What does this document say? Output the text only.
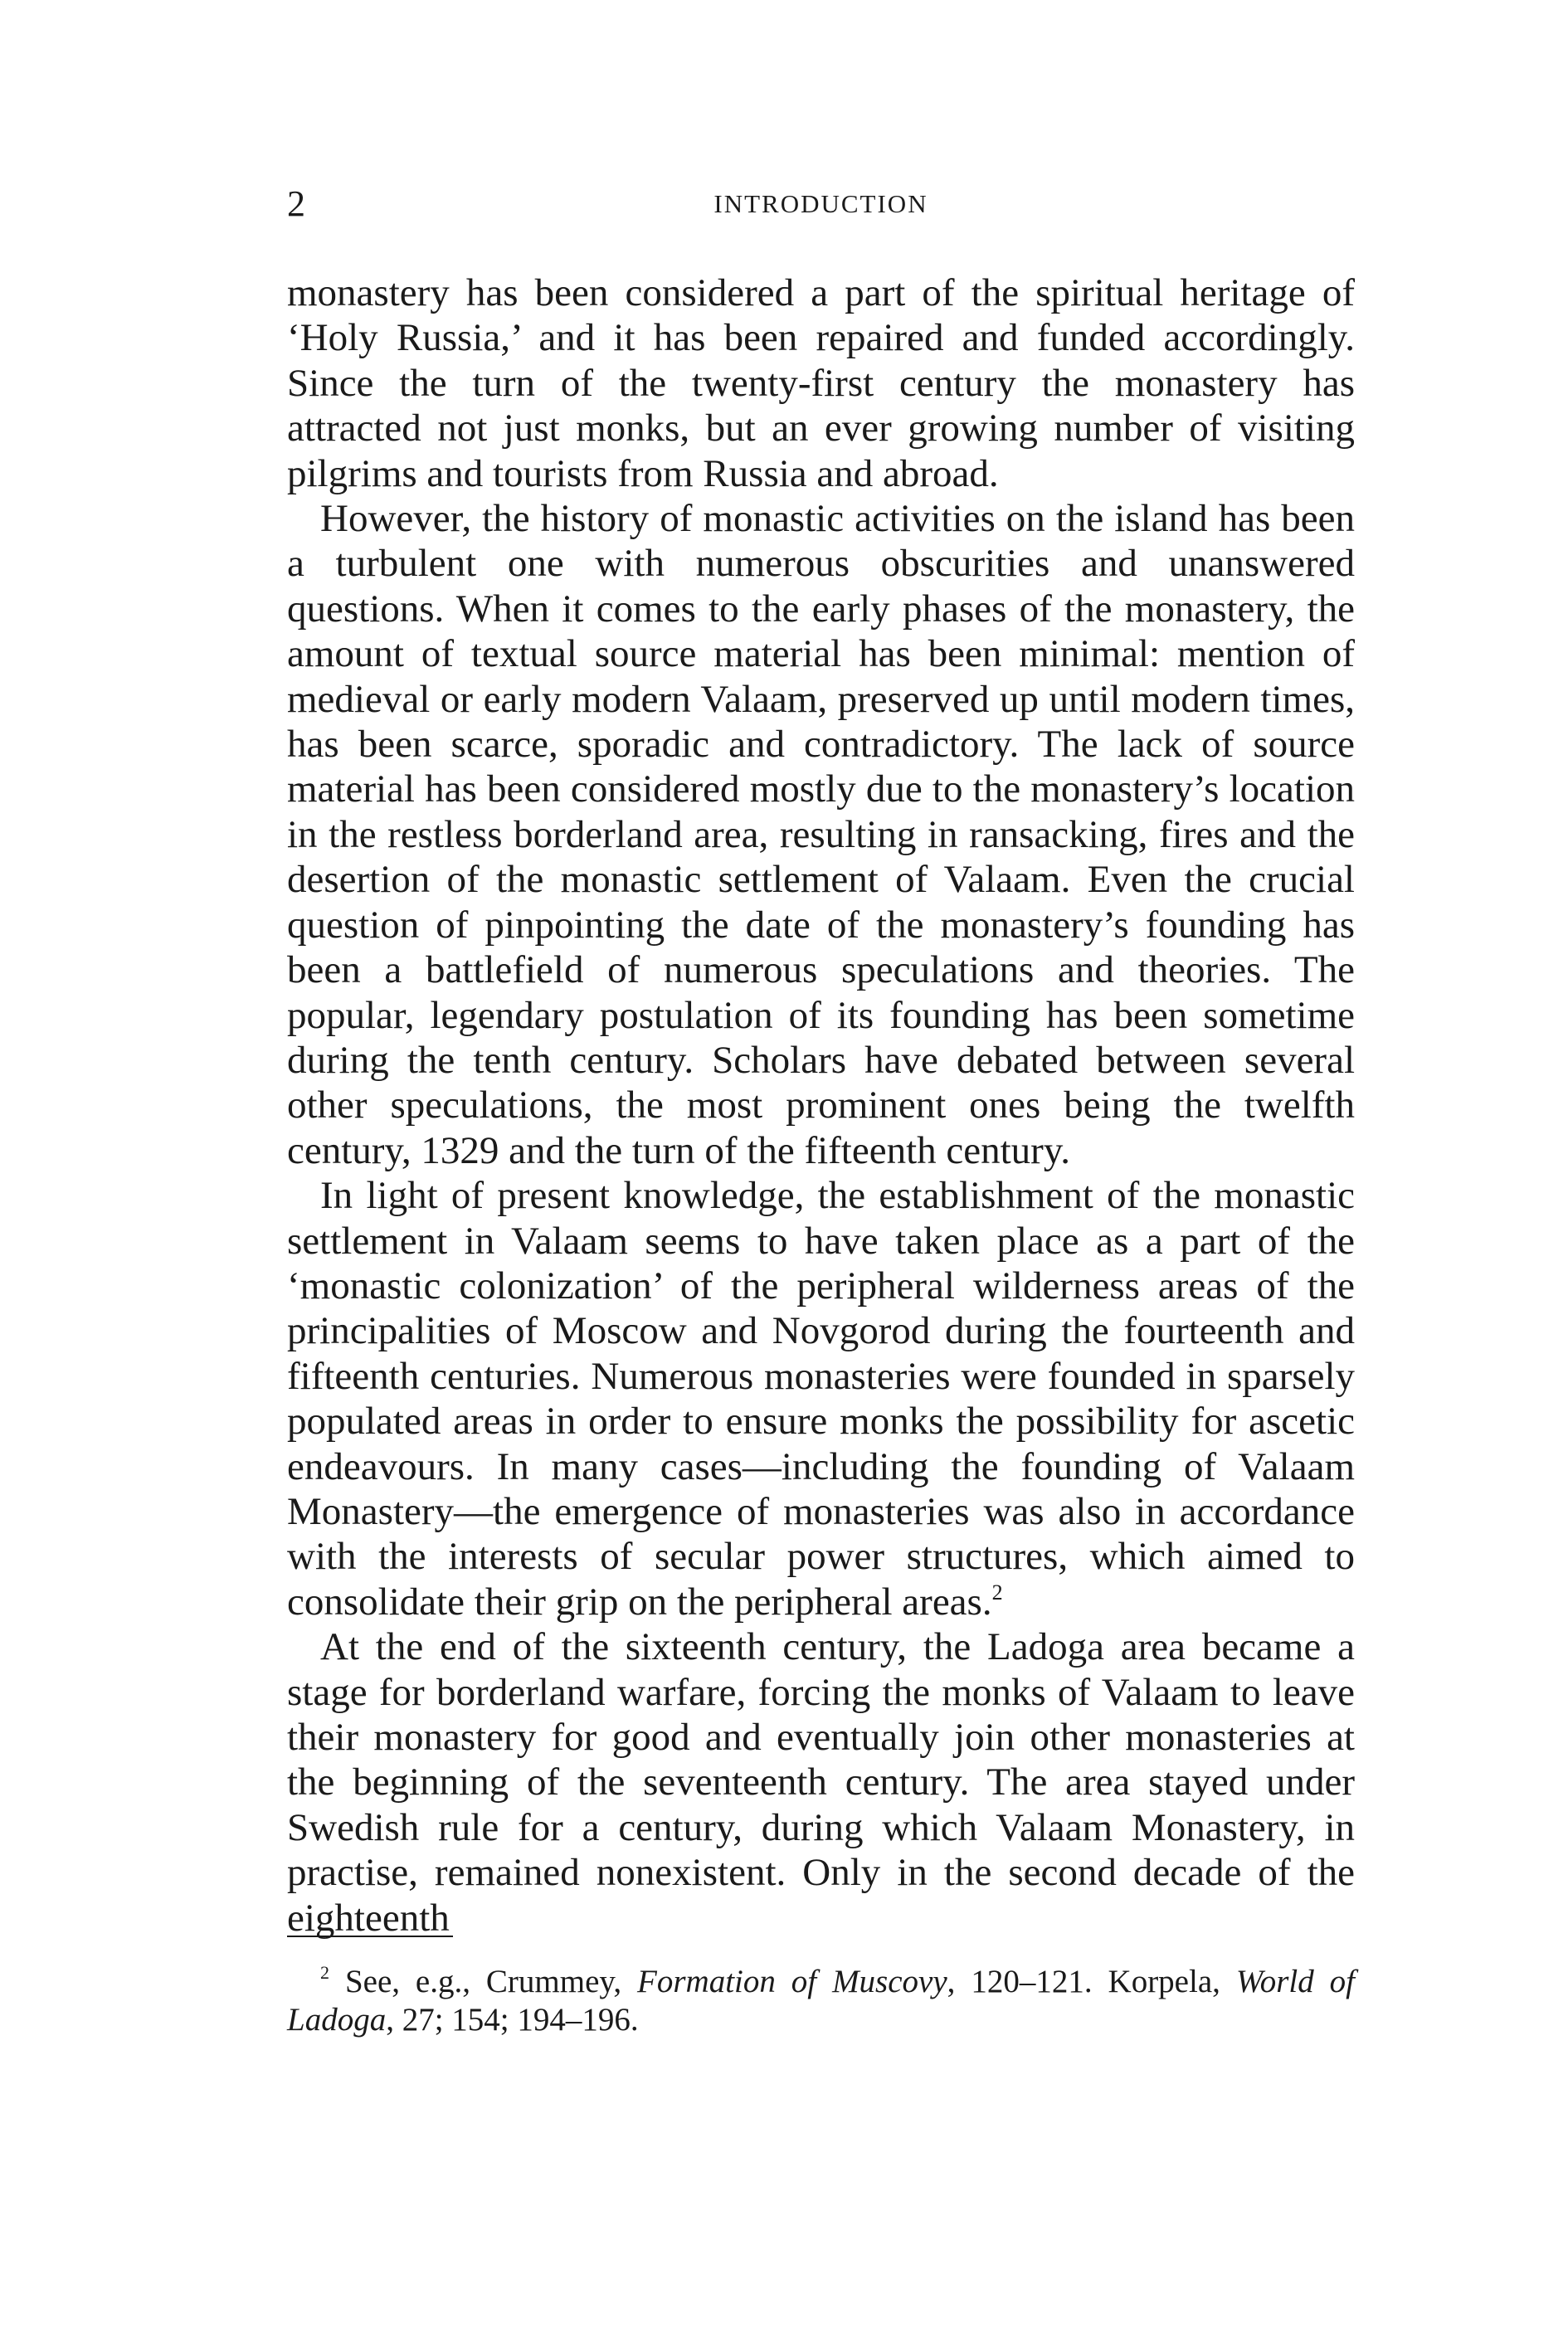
2	INTRODUCTION

monastery has been considered a part of the spiritual heritage of ‘Holy Russia,’ and it has been repaired and funded accordingly. Since the turn of the twenty-first century the monastery has attracted not just monks, but an ever growing number of visiting pilgrims and tourists from Russia and abroad.

However, the history of monastic activities on the island has been a turbulent one with numerous obscurities and unanswered questions. When it comes to the early phases of the monastery, the amount of textual source material has been minimal: mention of medieval or early modern Valaam, preserved up until modern times, has been scarce, sporadic and contradictory. The lack of source material has been considered mostly due to the monastery’s location in the restless borderland area, resulting in ransacking, fires and the desertion of the monastic settlement of Valaam. Even the crucial question of pinpointing the date of the monastery’s founding has been a battlefield of numerous speculations and theories. The popular, legendary postulation of its founding has been sometime during the tenth century. Scholars have debated between several other speculations, the most prominent ones being the twelfth century, 1329 and the turn of the fifteenth century.

In light of present knowledge, the establishment of the monastic settlement in Valaam seems to have taken place as a part of the ‘monastic colonization’ of the peripheral wilderness areas of the principalities of Moscow and Novgorod during the fourteenth and fifteenth centuries. Numerous monasteries were founded in sparsely populated areas in order to ensure monks the possibility for ascetic endeavours. In many cases—including the founding of Valaam Monastery—the emergence of monasteries was also in accordance with the interests of secular power structures, which aimed to consolidate their grip on the peripheral areas.$^2$

At the end of the sixteenth century, the Ladoga area became a stage for borderland warfare, forcing the monks of Valaam to leave their monastery for good and eventually join other monasteries at the beginning of the seventeenth century. The area stayed under Swedish rule for a century, during which Valaam Monastery, in practise, remained nonexistent. Only in the second decade of the eighteenth

$^2$ See, e.g., Crummey, Formation of Muscovy, 120–121. Korpela, World of Ladoga, 27; 154; 194–196.
